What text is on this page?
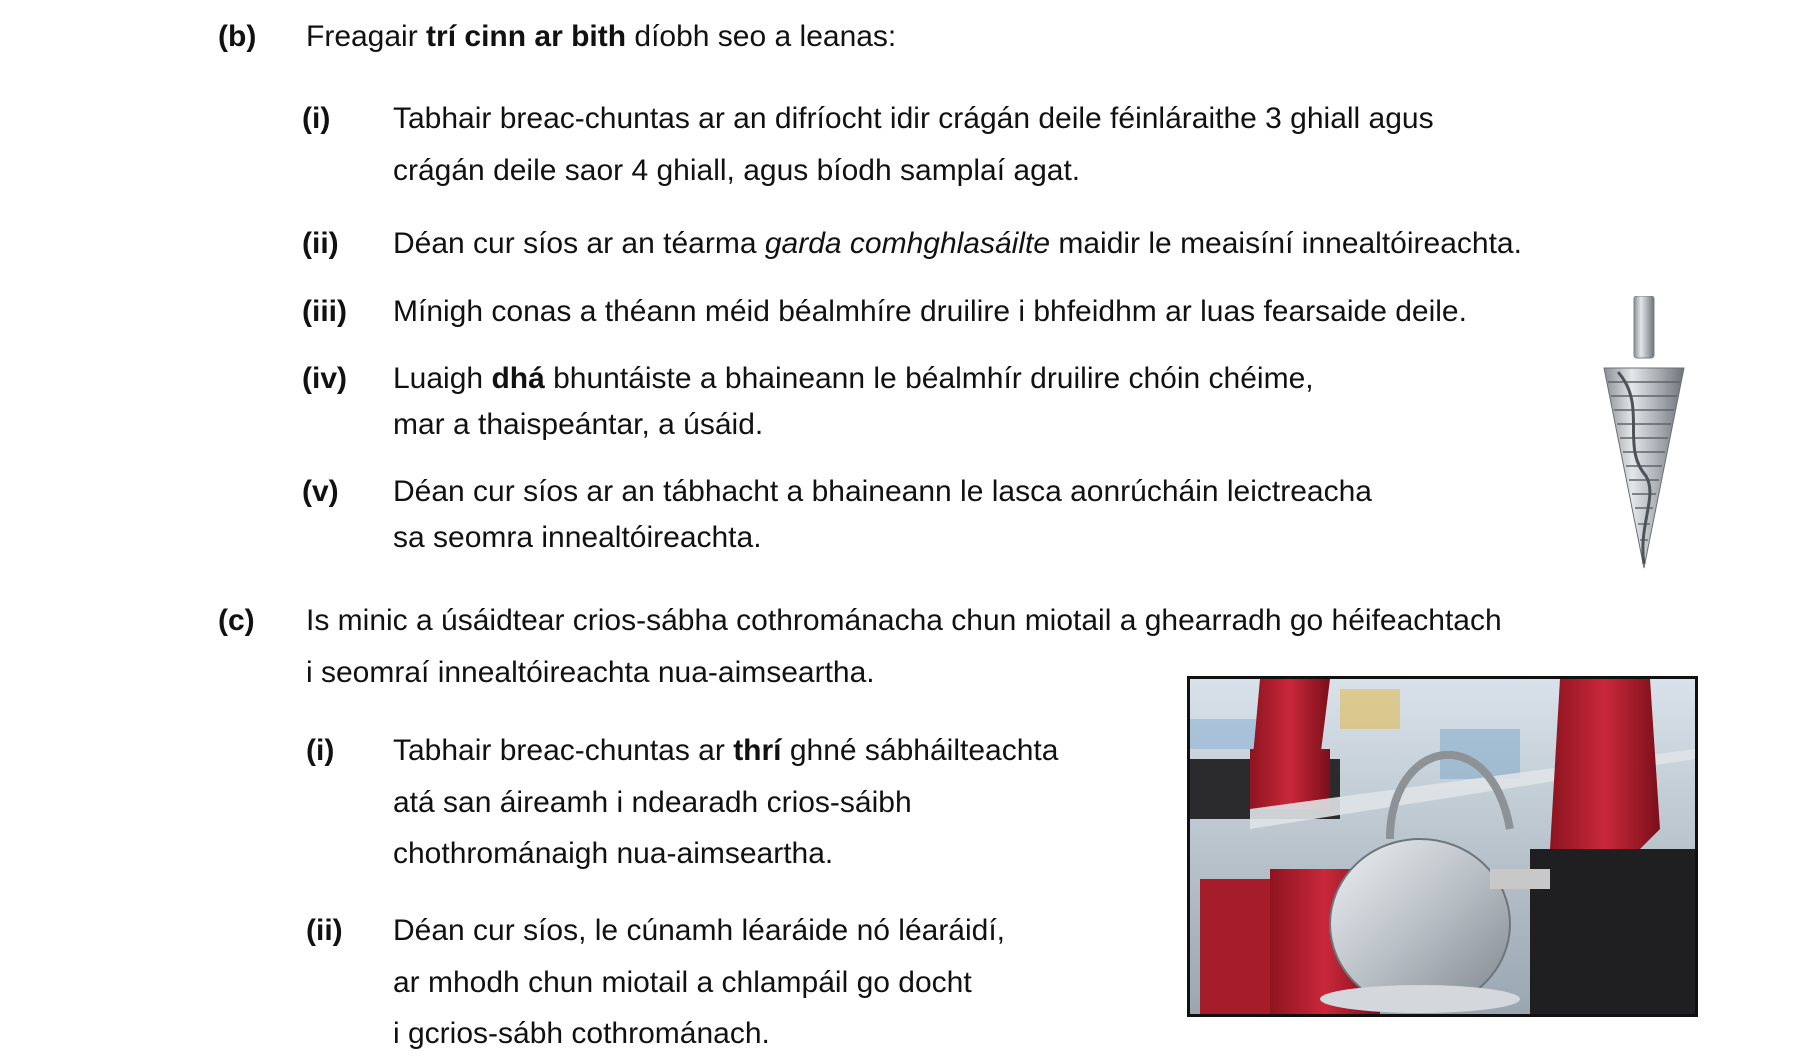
(b) Freagair trí cinn ar bith díobh seo a leanas:
(i) Tabhair breac-chuntas ar an difríocht idir crágán deile féinláraithe 3 ghiall agus
crágán deile saor 4 ghiall, agus bíodh samplaí agat.
(ii) Déan cur síos ar an téarma garda comhghlasáilte maidir le meaisíní innealtóireachta.
(iii) Mínigh conas a théann méid béalmhíre druilire i bhfeidhm ar luas fearsaide deile.
(iv) Luaigh dhá bhuntáiste a bhaineann le béalmhír druilire chóin chéime,
mar a thaispeántar, a úsáid.
(v) Déan cur síos ar an tábhacht a bhaineann le lasca aonrúcháin leictreacha
sa seomra innealtóireachta.
(c) Is minic a úsáidtear crios-sábha cothrománacha chun miotail a ghearradh go héifeachtach
i seomraí innealtóireachta nua-aimseartha.
(i) Tabhair breac-chuntas ar thrí ghné sábháilteachta
atá san áireamh i ndearadh crios-sáibh
chothrománaigh nua-aimseartha.
(ii) Déan cur síos, le cúnamh léaráide nó léaráidí,
ar mhodh chun miotail a chlampáil go docht
i gcrios-sábh cothrománach.
